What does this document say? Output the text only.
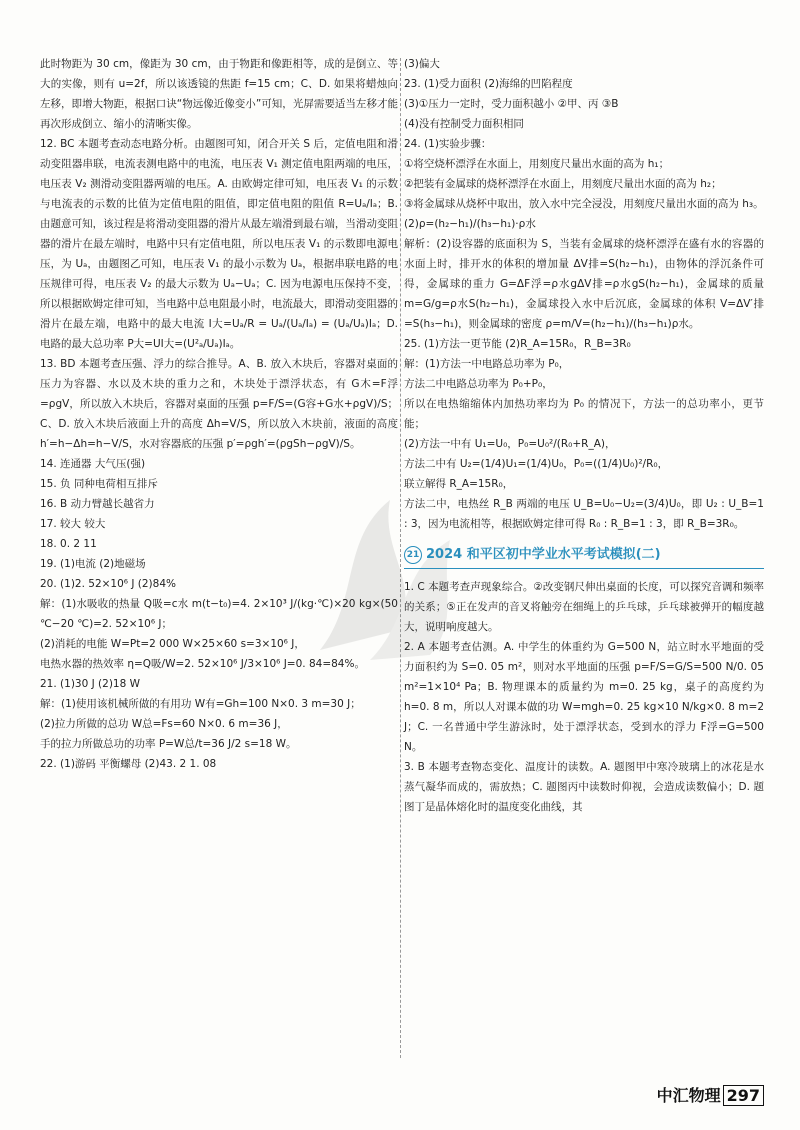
此时物距为 30 cm，像距为 30 cm，由于物距和像距相等，成的是倒立、等大的实像，则有 u=2f，所以该透镜的焦距 f=15 cm；C、D. 如果将蜡烛向左移，即增大物距，根据口诀“物远像近像变小”可知，光屏需要适当左移才能再次形成倒立、缩小的清晰实像。

12. BC 本题考查动态电路分析。由题图可知，闭合开关 S 后，定值电阻和滑动变阻器串联，电流表测电路中的电流，电压表 V₁ 测定值电阻两端的电压，电压表 V₂ 测滑动变阻器两端的电压。A. 由欧姆定律可知，电压表 V₁ 的示数与电流表的示数的比值为定值电阻的阻值，即定值电阻的阻值 R=Uₐ/Iₐ；B. 由题意可知，该过程是将滑动变阻器的滑片从最左端滑到最右端，当滑动变阻器的滑片在最左端时，电路中只有定值电阻，所以电压表 V₁ 的示数即电源电压，为 Uₐ，由题图乙可知，电压表 V₁ 的最小示数为 Uₐ，根据串联电路的电压规律可得，电压表 V₂ 的最大示数为 Uₐ−Uₐ；C. 因为电源电压保持不变，所以根据欧姆定律可知，当电路中总电阻最小时，电流最大，即滑动变阻器的滑片在最左端，电路中的最大电流 I大=Uₐ/R = Uₐ/(Uₐ/Iₐ) = (Uₐ/Uₐ)Iₐ；D. 电路的最大总功率 P大=UI大=(U²ₐ/Uₐ)Iₐ。

13. BD 本题考查压强、浮力的综合推导。A、B. 放入木块后，容器对桌面的压力为容器、水以及木块的重力之和，木块处于漂浮状态，有 G木=F浮=ρgV，所以放入木块后，容器对桌面的压强 p=F/S=(G容+G水+ρgV)/S；C、D. 放入木块后液面上升的高度 Δh=V/S，所以放入木块前，液面的高度 h′=h−Δh=h−V/S，水对容器底的压强 p′=ρgh′=(ρgSh−ρgV)/S。

14. 连通器 大气压(强)

15. 负 同种电荷相互排斥

16. B 动力臂越长越省力

17. 较大 较大

18. 0. 2 11

19. (1)电流 (2)地磁场

20. (1)2. 52×10⁶ J (2)84%

解：(1)水吸收的热量 Q吸=c水 m(t−t₀)=4. 2×10³ J/(kg·℃)×20 kg×(50 ℃−20 ℃)=2. 52×10⁶ J；

(2)消耗的电能 W=Pt=2 000 W×25×60 s=3×10⁶ J，

电热水器的热效率 η=Q吸/W=2. 52×10⁶ J/3×10⁶ J=0. 84=84%。

21. (1)30 J (2)18 W

解：(1)使用该机械所做的有用功 W有=Gh=100 N×0. 3 m=30 J；

(2)拉力所做的总功 W总=Fs=60 N×0. 6 m=36 J，

手的拉力所做总功的功率 P=W总/t=36 J/2 s=18 W。

22. (1)游码 平衡螺母 (2)43. 2 1. 08

(3)偏大

23. (1)受力面积 (2)海绵的凹陷程度

(3)①压力一定时，受力面积越小 ②甲、丙 ③B

(4)没有控制受力面积相同

24. (1)实验步骤：

①将空烧杯漂浮在水面上，用刻度尺量出水面的高为 h₁；

②把装有金属球的烧杯漂浮在水面上，用刻度尺量出水面的高为 h₂；

③将金属球从烧杯中取出，放入水中完全浸没，用刻度尺量出水面的高为 h₃。

(2)ρ=(h₂−h₁)/(h₃−h₁)·ρ水

解析：(2)设容器的底面积为 S，当装有金属球的烧杯漂浮在盛有水的容器的水面上时，排开水的体积的增加量 ΔV排=S(h₂−h₁)，由物体的浮沉条件可得，金属球的重力 G=ΔF浮=ρ水gΔV排=ρ水gS(h₂−h₁)，金属球的质量 m=G/g=ρ水S(h₂−h₁)，金属球投入水中后沉底，金属球的体积 V=ΔV′排=S(h₃−h₁)，则金属球的密度 ρ=m/V=(h₂−h₁)/(h₃−h₁)ρ水。

25. (1)方法一更节能 (2)R_A=15R₀，R_B=3R₀

解：(1)方法一中电路总功率为 P₀，

方法二中电路总功率为 P₀+P₀，

所以在电热缩缩体内加热功率均为 P₀ 的情况下，方法一的总功率小，更节能；

(2)方法一中有 U₁=U₀，P₀=U₀²/(R₀+R_A)，

方法二中有 U₂=(1/4)U₁=(1/4)U₀，P₀=((1/4)U₀)²/R₀，

联立解得 R_A=15R₀，

方法二中，电热丝 R_B 两端的电压 U_B=U₀−U₂=(3/4)U₀，即 U₂ : U_B=1 : 3，因为电流相等，根据欧姆定律可得 R₀ : R_B=1 : 3，即 R_B=3R₀。

21 2024 和平区初中学业水平考试模拟(二)

1. C 本题考查声现象综合。②改变钢尺伸出桌面的长度，可以探究音调和频率的关系；⑤正在发声的音叉将触旁在细绳上的乒乓球，乒乓球被弹开的幅度越大，说明响度越大。

2. A 本题考查估测。A. 中学生的体重约为 G=500 N，站立时水平地面的受力面积约为 S=0. 05 m²，则对水平地面的压强 p=F/S=G/S=500 N/0. 05 m²=1×10⁴ Pa；B. 物理课本的质量约为 m=0. 25 kg，桌子的高度约为 h=0. 8 m，所以人对课本做的功 W=mgh=0. 25 kg×10 N/kg×0. 8 m=2 J；C. 一名普通中学生游泳时，处于漂浮状态，受到水的浮力 F浮=G=500 N。

3. B 本题考查物态变化、温度计的读数。A. 题图甲中寒冷玻璃上的冰花是水蒸气凝华而成的，需放热；C. 题图丙中读数时仰视，会造成读数偏小；D. 题图丁是晶体熔化时的温度变化曲线，其

中汇物理 297
